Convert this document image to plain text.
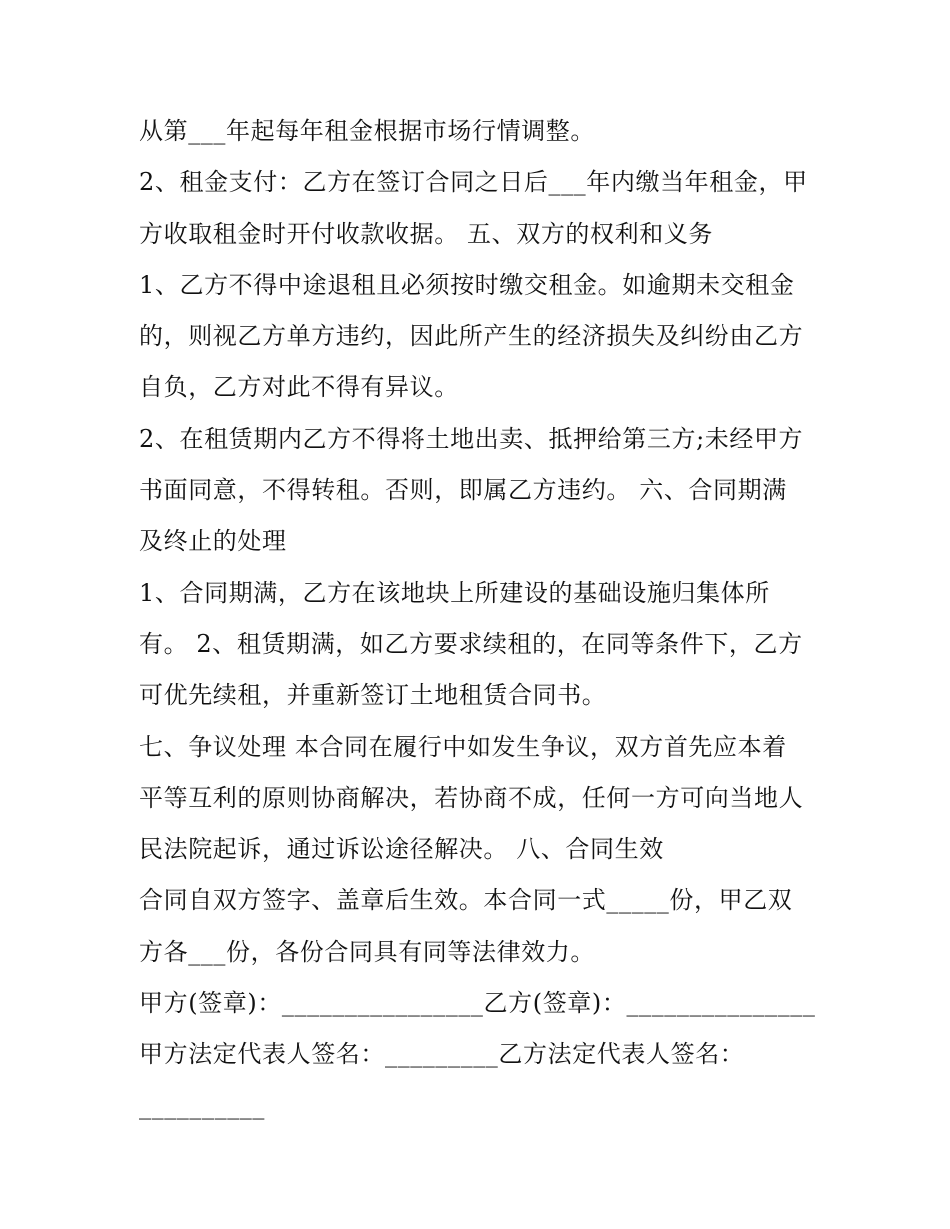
从第___年起每年租金根据市场行情调整。
2、租金支付：乙方在签订合同之日后___年内缴当年租金，甲
方收取租金时开付收款收据。 五、双方的权利和义务
1、乙方不得中途退租且必须按时缴交租金。如逾期未交租金
的，则视乙方单方违约，因此所产生的经济损失及纠纷由乙方
自负，乙方对此不得有异议。
2、在租赁期内乙方不得将土地出卖、抵押给第三方;未经甲方
书面同意，不得转租。否则，即属乙方违约。 六、合同期满
及终止的处理
1、合同期满，乙方在该地块上所建设的基础设施归集体所
有。 2、租赁期满，如乙方要求续租的，在同等条件下，乙方
可优先续租，并重新签订土地租赁合同书。
七、争议处理 本合同在履行中如发生争议，双方首先应本着
平等互利的原则协商解决，若协商不成，任何一方可向当地人
民法院起诉，通过诉讼途径解决。 八、合同生效
合同自双方签字、盖章后生效。本合同一式_____份，甲乙双
方各___份，各份合同具有同等法律效力。
甲方(签章)：________________乙方(签章)：_______________
甲方法定代表人签名：_________乙方法定代表人签名：
__________
